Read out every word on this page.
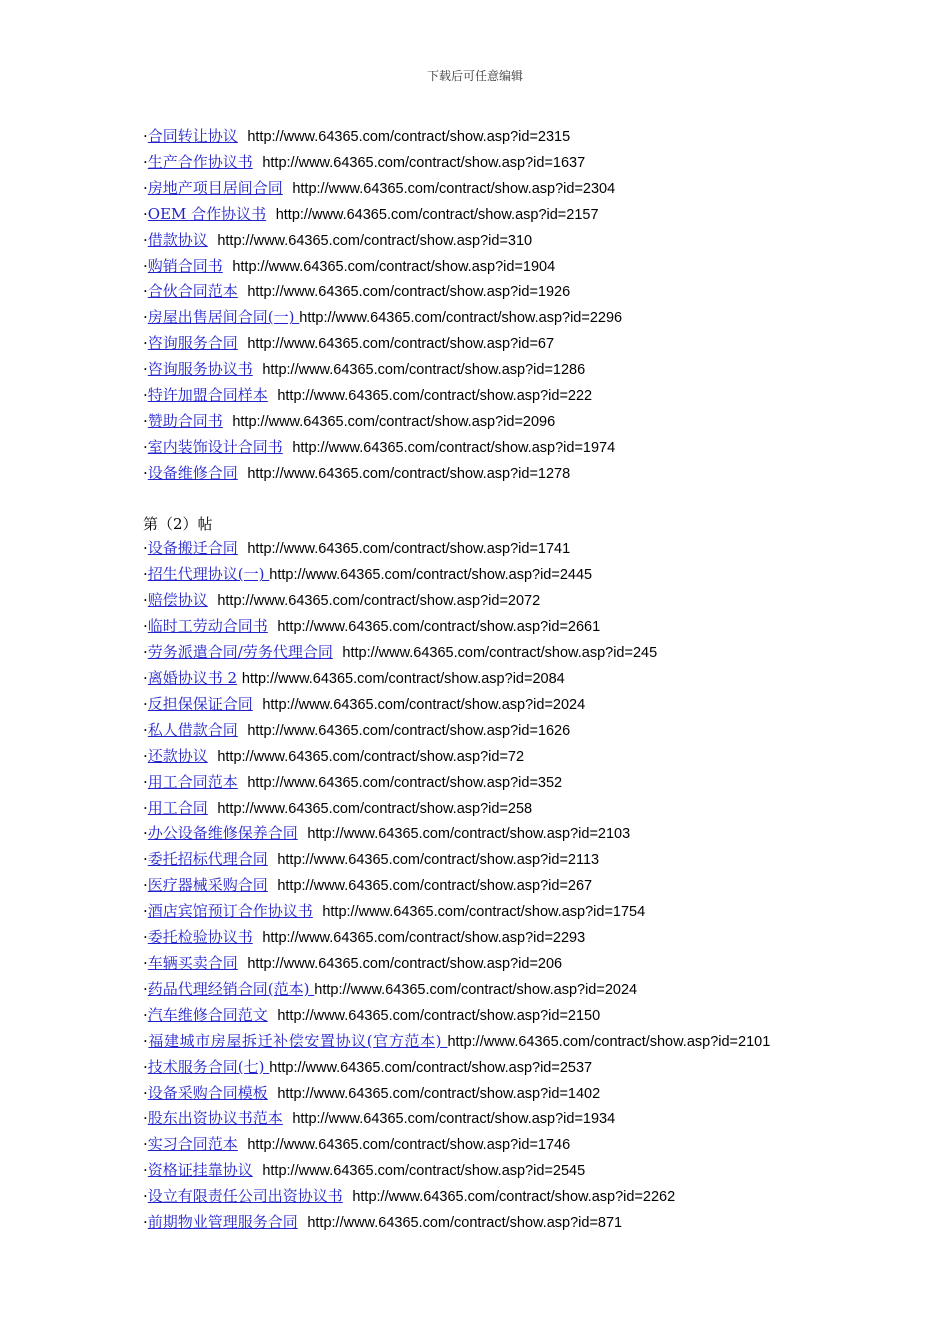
下载后可任意编辑
·合同转让协议 http://www.64365.com/contract/show.asp?id=2315
·生产合作协议书 http://www.64365.com/contract/show.asp?id=1637
·房地产项目居间合同 http://www.64365.com/contract/show.asp?id=2304
·OEM 合作协议书 http://www.64365.com/contract/show.asp?id=2157
·借款协议 http://www.64365.com/contract/show.asp?id=310
·购销合同书 http://www.64365.com/contract/show.asp?id=1904
·合伙合同范本 http://www.64365.com/contract/show.asp?id=1926
·房屋出售居间合同(一) http://www.64365.com/contract/show.asp?id=2296
·咨询服务合同 http://www.64365.com/contract/show.asp?id=67
·咨询服务协议书 http://www.64365.com/contract/show.asp?id=1286
·特许加盟合同样本 http://www.64365.com/contract/show.asp?id=222
·赞助合同书 http://www.64365.com/contract/show.asp?id=2096
·室内装饰设计合同书 http://www.64365.com/contract/show.asp?id=1974
·设备维修合同 http://www.64365.com/contract/show.asp?id=1278
第（2）帖
·设备搬迁合同 http://www.64365.com/contract/show.asp?id=1741
·招生代理协议(一) http://www.64365.com/contract/show.asp?id=2445
·赔偿协议 http://www.64365.com/contract/show.asp?id=2072
·临时工劳动合同书 http://www.64365.com/contract/show.asp?id=2661
·劳务派遣合同/劳务代理合同 http://www.64365.com/contract/show.asp?id=245
·离婚协议书 2 http://www.64365.com/contract/show.asp?id=2084
·反担保保证合同 http://www.64365.com/contract/show.asp?id=2024
·私人借款合同 http://www.64365.com/contract/show.asp?id=1626
·还款协议 http://www.64365.com/contract/show.asp?id=72
·用工合同范本 http://www.64365.com/contract/show.asp?id=352
·用工合同 http://www.64365.com/contract/show.asp?id=258
·办公设备维修保养合同 http://www.64365.com/contract/show.asp?id=2103
·委托招标代理合同 http://www.64365.com/contract/show.asp?id=2113
·医疗器械采购合同 http://www.64365.com/contract/show.asp?id=267
·酒店宾馆预订合作协议书 http://www.64365.com/contract/show.asp?id=1754
·委托检验协议书 http://www.64365.com/contract/show.asp?id=2293
·车辆买卖合同 http://www.64365.com/contract/show.asp?id=206
·药品代理经销合同(范本) http://www.64365.com/contract/show.asp?id=2024
·汽车维修合同范文 http://www.64365.com/contract/show.asp?id=2150
·福建城市房屋拆迁补偿安置协议(官方范本) http://www.64365.com/contract/show.asp?id=2101
·技术服务合同(七) http://www.64365.com/contract/show.asp?id=2537
·设备采购合同模板 http://www.64365.com/contract/show.asp?id=1402
·股东出资协议书范本 http://www.64365.com/contract/show.asp?id=1934
·实习合同范本 http://www.64365.com/contract/show.asp?id=1746
·资格证挂靠协议 http://www.64365.com/contract/show.asp?id=2545
·设立有限责任公司出资协议书 http://www.64365.com/contract/show.asp?id=2262
·前期物业管理服务合同 http://www.64365.com/contract/show.asp?id=871
